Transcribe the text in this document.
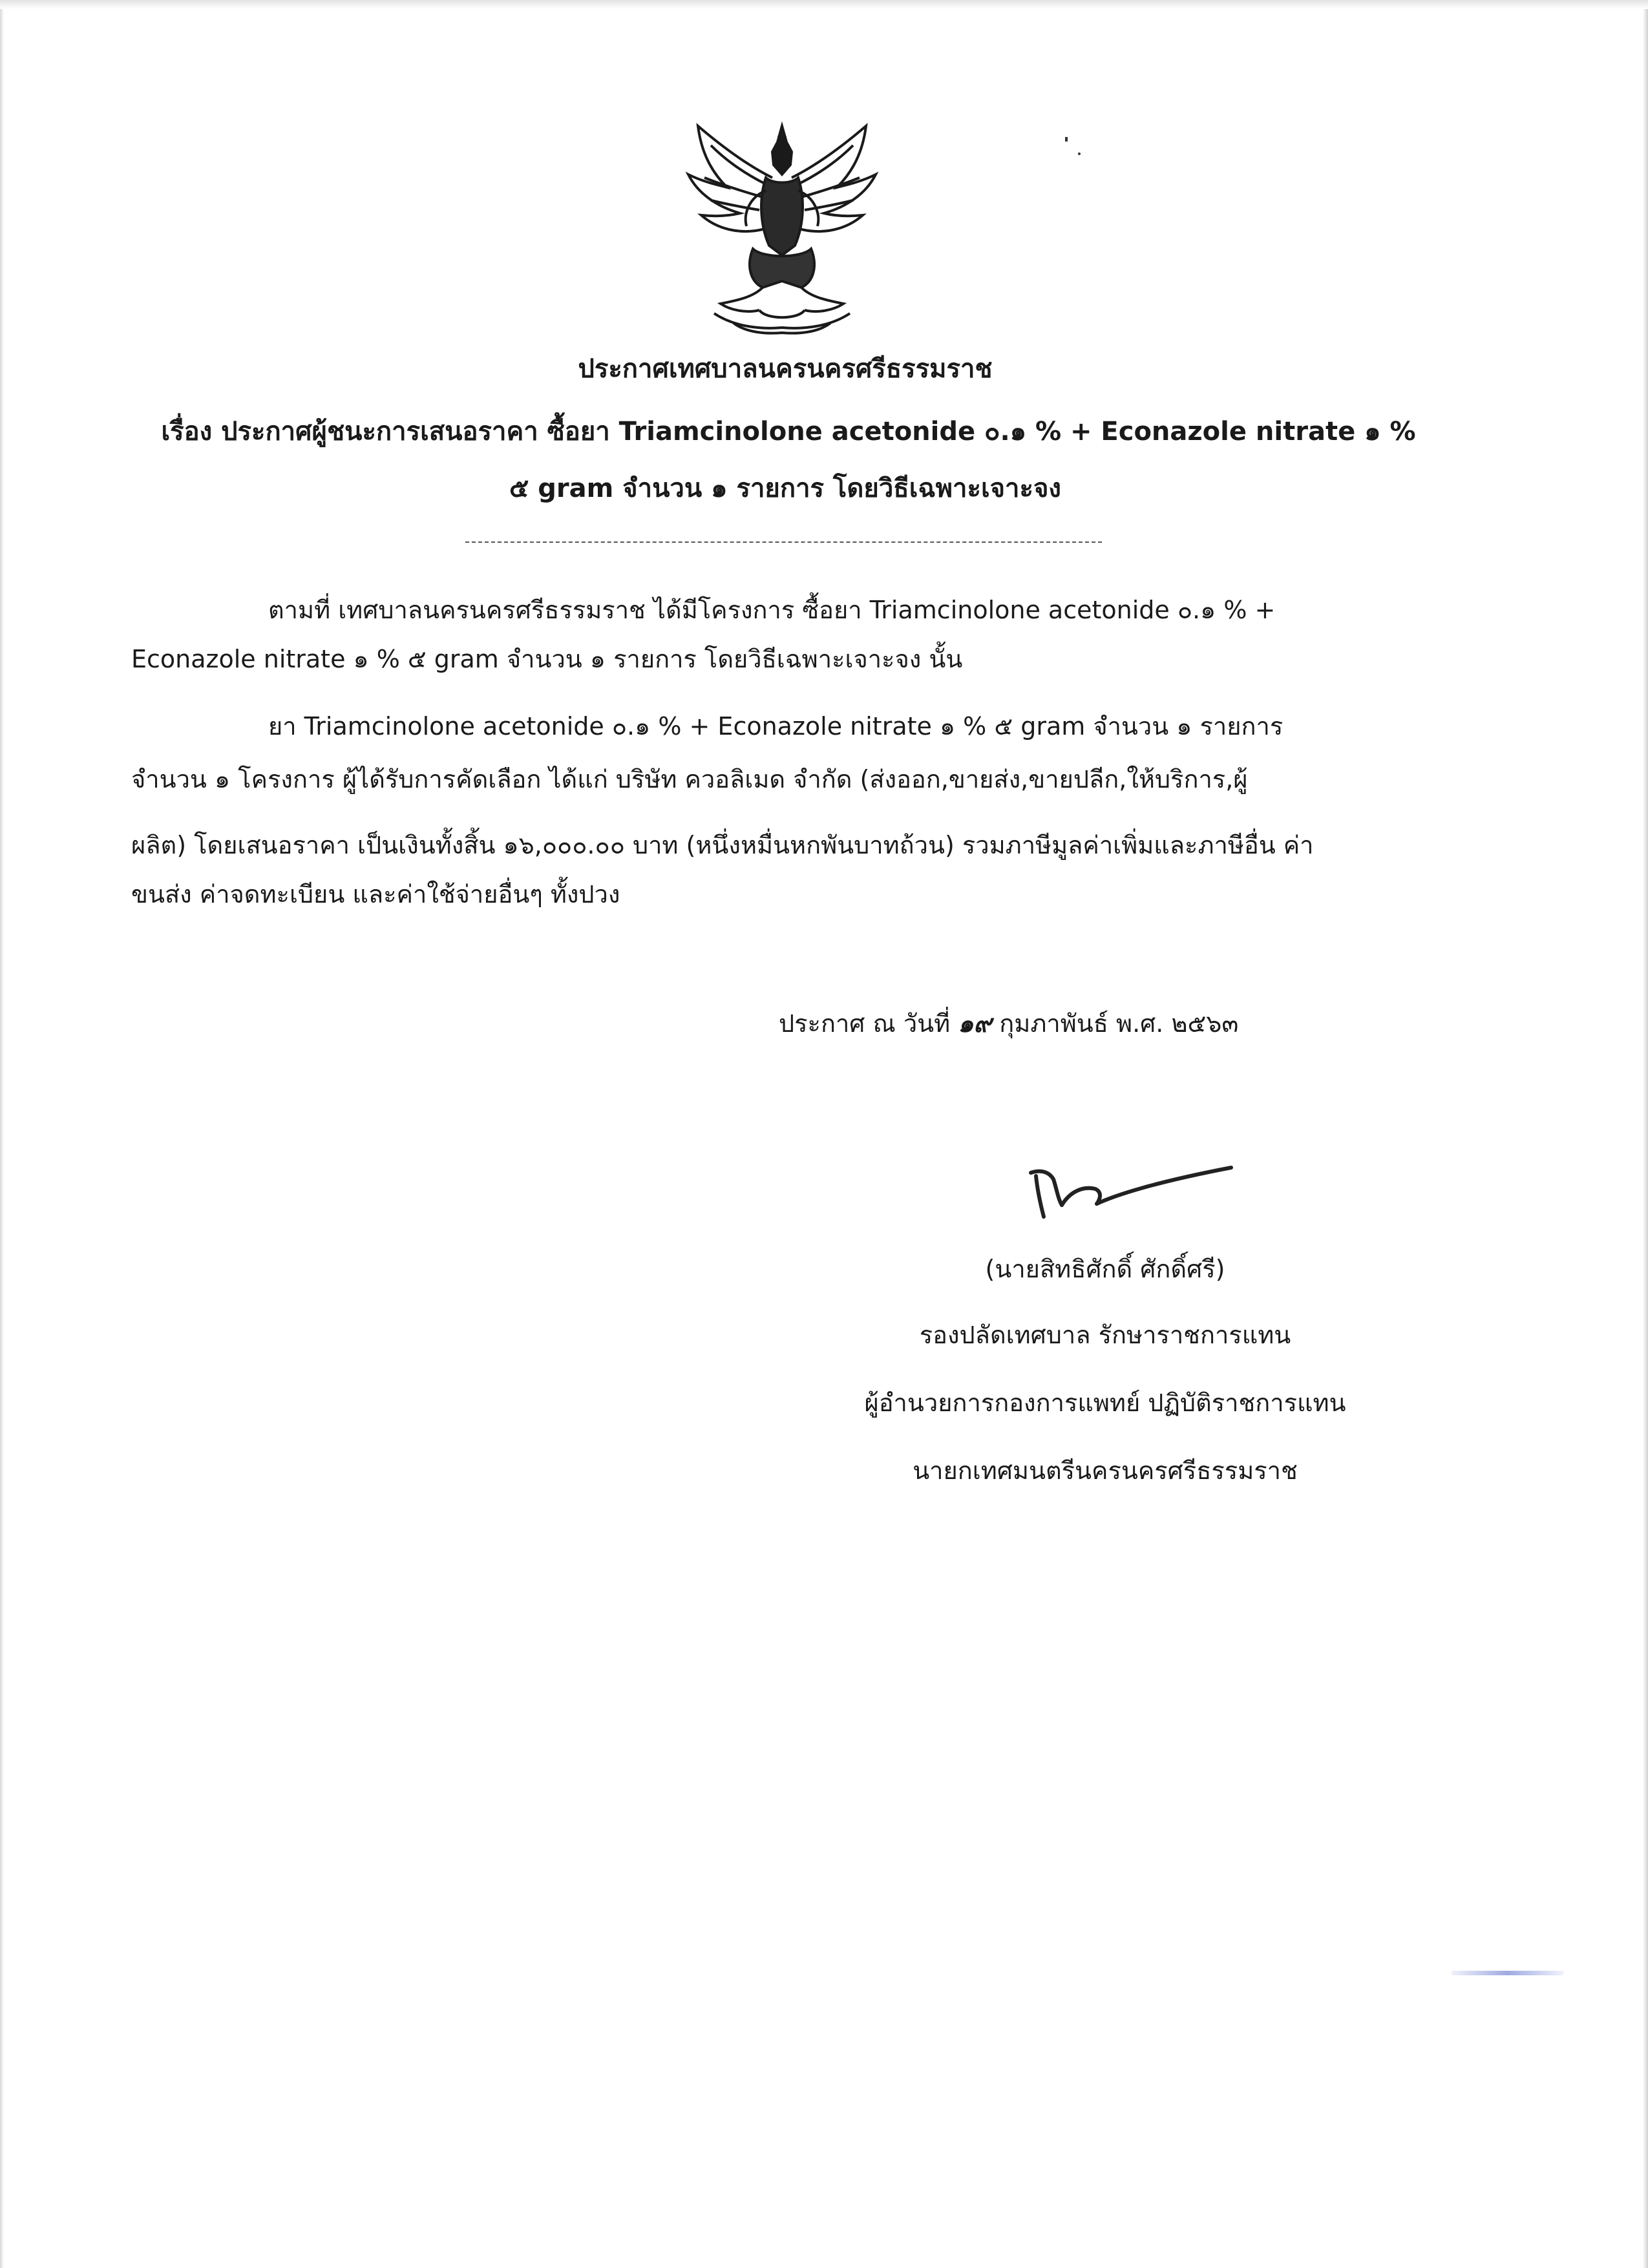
ประกาศเทศบาลนครนครศรีธรรมราช
เรื่อง ประกาศผู้ชนะการเสนอราคา ซื้อยา Triamcinolone acetonide ๐.๑ % + Econazole nitrate ๑ %
๕ gram จำนวน ๑ รายการ โดยวิธีเฉพาะเจาะจง
ตามที่ เทศบาลนครนครศรีธรรมราช ได้มีโครงการ ซื้อยา Triamcinolone acetonide ๐.๑ % +
Econazole nitrate ๑ % ๕ gram จำนวน ๑ รายการ โดยวิธีเฉพาะเจาะจง นั้น
ยา Triamcinolone acetonide ๐.๑ % + Econazole nitrate ๑ % ๕ gram จำนวน ๑ รายการ
จำนวน ๑ โครงการ ผู้ได้รับการคัดเลือก ได้แก่ บริษัท ควอลิเมด จำกัด (ส่งออก,ขายส่ง,ขายปลีก,ให้บริการ,ผู้
ผลิต) โดยเสนอราคา เป็นเงินทั้งสิ้น ๑๖,๐๐๐.๐๐ บาท (หนึ่งหมื่นหกพันบาทถ้วน) รวมภาษีมูลค่าเพิ่มและภาษีอื่น ค่า
ขนส่ง ค่าจดทะเบียน และค่าใช้จ่ายอื่นๆ ทั้งปวง
ประกาศ ณ วันที่ ๑๙ กุมภาพันธ์ พ.ศ. ๒๕๖๓
(นายสิทธิศักดิ์ ศักดิ์ศรี)
รองปลัดเทศบาล รักษาราชการแทน
ผู้อำนวยการกองการแพทย์ ปฏิบัติราชการแทน
นายกเทศมนตรีนครนครศรีธรรมราช
